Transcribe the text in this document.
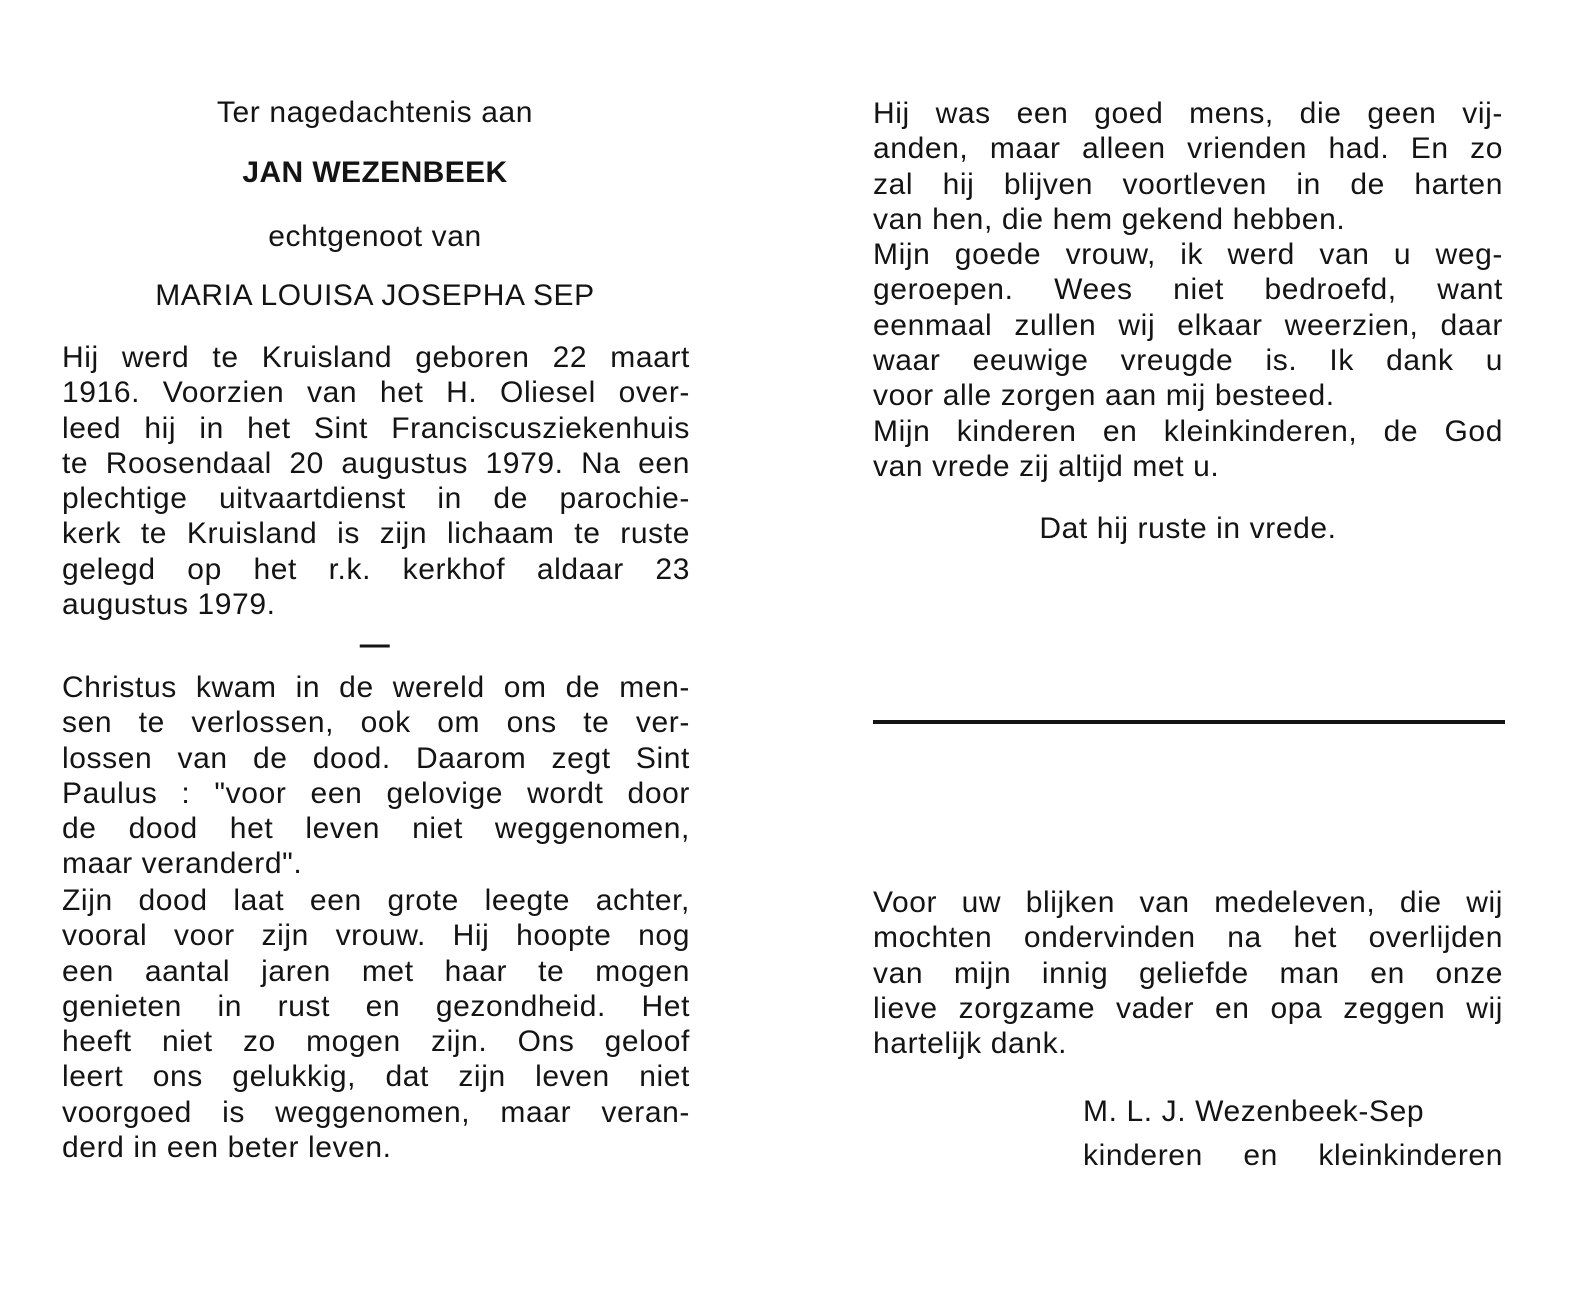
Ter nagedachtenis aan
JAN WEZENBEEK
echtgenoot van
MARIA LOUISA JOSEPHA SEP
Hij werd te Kruisland geboren 22 maart
1916. Voorzien van het H. Oliesel over-
leed hij in het Sint Franciscusziekenhuis
te Roosendaal 20 augustus 1979. Na een
plechtige uitvaartdienst in de parochie-
kerk te Kruisland is zijn lichaam te ruste
gelegd op het r.k. kerkhof aldaar 23
augustus 1979.
—
Christus kwam in de wereld om de men-
sen te verlossen, ook om ons te ver-
lossen van de dood. Daarom zegt Sint
Paulus : "voor een gelovige wordt door
de dood het leven niet weggenomen,
maar veranderd".
Zijn dood laat een grote leegte achter,
vooral voor zijn vrouw. Hij hoopte nog
een aantal jaren met haar te mogen
genieten in rust en gezondheid. Het
heeft niet zo mogen zijn. Ons geloof
leert ons gelukkig, dat zijn leven niet
voorgoed is weggenomen, maar veran-
derd in een beter leven.
Hij was een goed mens, die geen vij-
anden, maar alleen vrienden had. En zo
zal hij blijven voortleven in de harten
van hen, die hem gekend hebben.
Mijn goede vrouw, ik werd van u weg-
geroepen. Wees niet bedroefd, want
eenmaal zullen wij elkaar weerzien, daar
waar eeuwige vreugde is. Ik dank u
voor alle zorgen aan mij besteed.
Mijn kinderen en kleinkinderen, de God
van vrede zij altijd met u.
Dat hij ruste in vrede.
Voor uw blijken van medeleven, die wij
mochten ondervinden na het overlijden
van mijn innig geliefde man en onze
lieve zorgzame vader en opa zeggen wij
hartelijk dank.
M. L. J. Wezenbeek-Sep
kinderen en kleinkinderen
